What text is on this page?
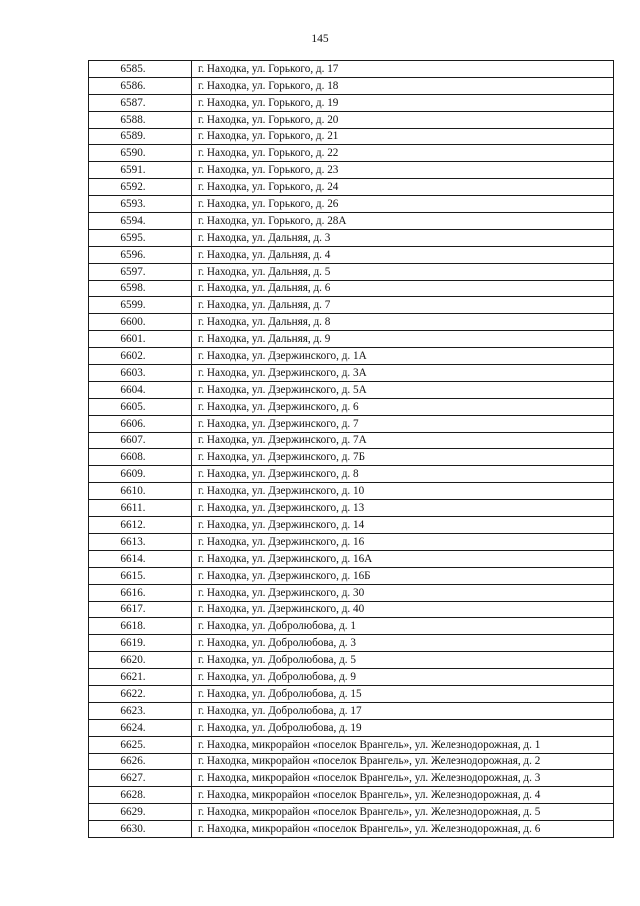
145
6585.	г. Находка, ул. Горького, д. 17
6586.	г. Находка, ул. Горького, д. 18
6587.	г. Находка, ул. Горького, д. 19
6588.	г. Находка, ул. Горького, д. 20
6589.	г. Находка, ул. Горького, д. 21
6590.	г. Находка, ул. Горького, д. 22
6591.	г. Находка, ул. Горького, д. 23
6592.	г. Находка, ул. Горького, д. 24
6593.	г. Находка, ул. Горького, д. 26
6594.	г. Находка, ул. Горького, д. 28А
6595.	г. Находка, ул. Дальняя, д. 3
6596.	г. Находка, ул. Дальняя, д. 4
6597.	г. Находка, ул. Дальняя, д. 5
6598.	г. Находка, ул. Дальняя, д. 6
6599.	г. Находка, ул. Дальняя, д. 7
6600.	г. Находка, ул. Дальняя, д. 8
6601.	г. Находка, ул. Дальняя, д. 9
6602.	г. Находка, ул. Дзержинского, д. 1А
6603.	г. Находка, ул. Дзержинского, д. 3А
6604.	г. Находка, ул. Дзержинского, д. 5А
6605.	г. Находка, ул. Дзержинского, д. 6
6606.	г. Находка, ул. Дзержинского, д. 7
6607.	г. Находка, ул. Дзержинского, д. 7А
6608.	г. Находка, ул. Дзержинского, д. 7Б
6609.	г. Находка, ул. Дзержинского, д. 8
6610.	г. Находка, ул. Дзержинского, д. 10
6611.	г. Находка, ул. Дзержинского, д. 13
6612.	г. Находка, ул. Дзержинского, д. 14
6613.	г. Находка, ул. Дзержинского, д. 16
6614.	г. Находка, ул. Дзержинского, д. 16А
6615.	г. Находка, ул. Дзержинского, д. 16Б
6616.	г. Находка, ул. Дзержинского, д. 30
6617.	г. Находка, ул. Дзержинского, д. 40
6618.	г. Находка, ул. Добролюбова, д. 1
6619.	г. Находка, ул. Добролюбова, д. 3
6620.	г. Находка, ул. Добролюбова, д. 5
6621.	г. Находка, ул. Добролюбова, д. 9
6622.	г. Находка, ул. Добролюбова, д. 15
6623.	г. Находка, ул. Добролюбова, д. 17
6624.	г. Находка, ул. Добролюбова, д. 19
6625.	г. Находка, микрорайон «поселок Врангель», ул. Железнодорожная, д. 1
6626.	г. Находка, микрорайон «поселок Врангель», ул. Железнодорожная, д. 2
6627.	г. Находка, микрорайон «поселок Врангель», ул. Железнодорожная, д. 3
6628.	г. Находка, микрорайон «поселок Врангель», ул. Железнодорожная, д. 4
6629.	г. Находка, микрорайон «поселок Врангель», ул. Железнодорожная, д. 5
6630.	г. Находка, микрорайон «поселок Врангель», ул. Железнодорожная, д. 6
